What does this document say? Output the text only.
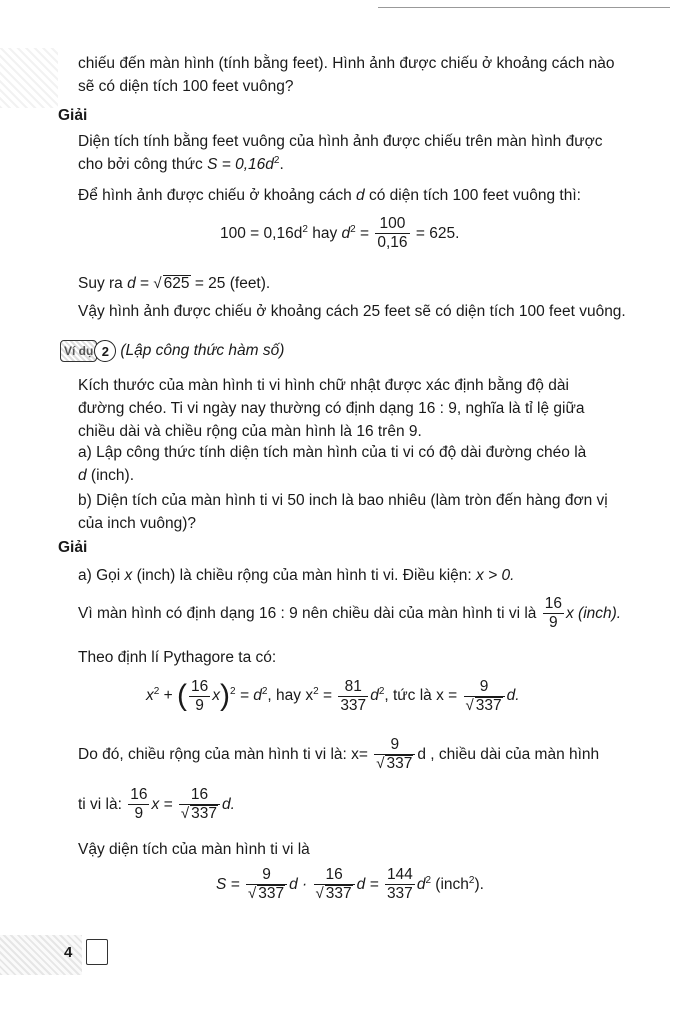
chiếu đến màn hình (tính bằng feet). Hình ảnh được chiếu ở khoảng cách nào
sẽ có diện tích 100 feet vuông?
Giải
Diện tích tính bằng feet vuông của hình ảnh được chiếu trên màn hình được
cho bởi công thức $S = 0,16d^2$.
Để hình ảnh được chiếu ở khoảng cách d có diện tích 100 feet vuông thì:
$100 = 0,16d^2$ hay $d^2 = \frac{100}{0,16} = 625$.
Suy ra d = √ 625 = 25 (feet).
Vậy hình ảnh được chiếu ở khoảng cách 25 feet sẽ có diện tích 100 feet vuông.
Ví dụ 2 (Lập công thức hàm số)
Kích thước của màn hình ti vi hình chữ nhật được xác định bằng độ dài
đường chéo. Ti vi ngày nay thường có định dạng 16 : 9, nghĩa là tỉ lệ giữa
chiều dài và chiều rộng của màn hình là 16 trên 9.
a) Lập công thức tính diện tích màn hình của ti vi có độ dài đường chéo là
d (inch).
b) Diện tích của màn hình ti vi 50 inch là bao nhiêu (làm tròn đến hàng đơn vị
của inch vuông)?
Giải
a) Gọi x (inch) là chiều rộng của màn hình ti vi. Điều kiện: x > 0.
Vì màn hình có định dạng 16 : 9 nên chiều dài của màn hình ti vi là $\frac{16}{9}$ x (inch).
Theo định lí Pythagore ta có:
$x^2$ + ( $\frac{16}{9} x)^2 = d^2$, hay $x^2 = \frac{81}{337} d^2$, tức là $x = \frac{9}{√ 337} d$.
Do đó, chiều rộng của màn hình ti vi là: $x= \frac{9}{√ 337}$ d , chiều dài của màn hình
ti vi là: $\frac{16}{9}$ $x = \frac{16}{√ 337} d$.
Vậy diện tích của màn hình ti vi là
$S = \frac{9}{√ 337}$ $d \cdot \frac{16}{√ 337}$ $d = \frac{144}{337} d^2$ (inch$^2$).
4
